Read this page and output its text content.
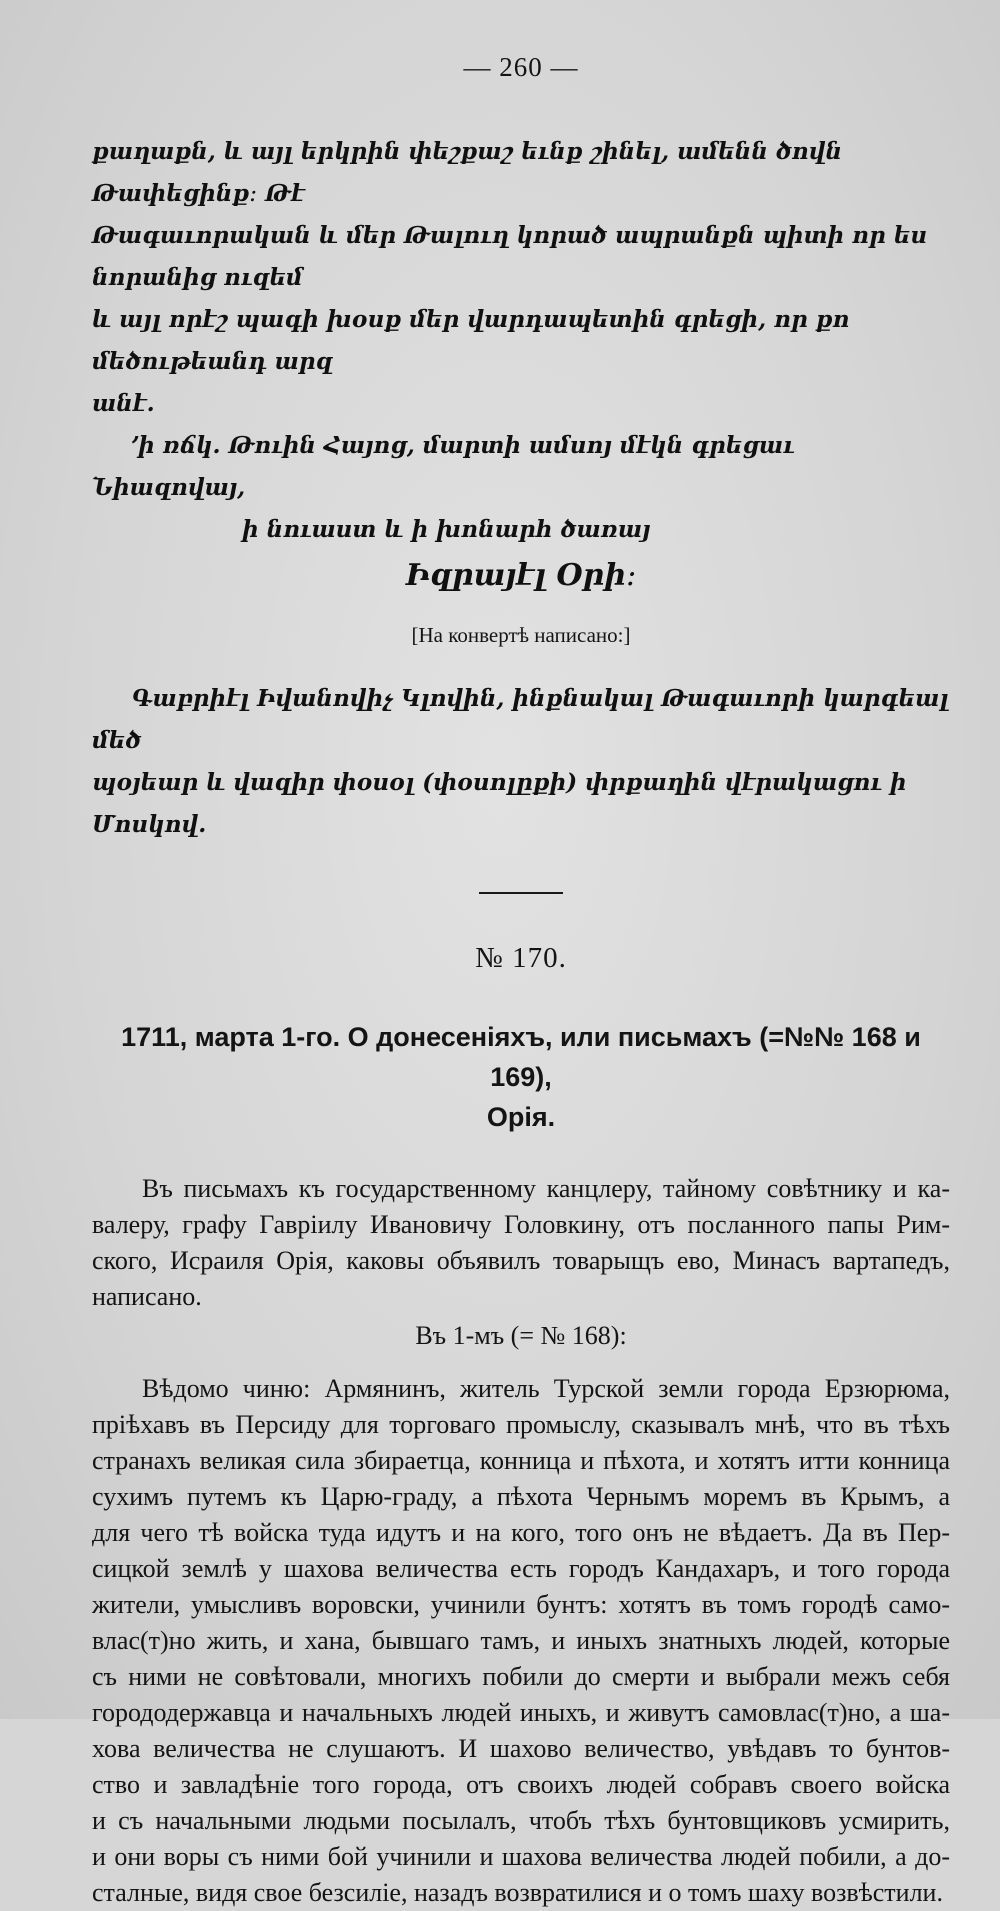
— 260 —

քաղաքն, և այլ երկրին փեշքաշ եւնք շինել, ամենն ծովն Թափեցինք։ Թէ

Թագաւորական և մեր Թալուղ կորած ապրանքն պիտի որ ես նորանից ուզեմ

և այլ որէշ պագի խօսք մեր վարդապետին գրեցի, որ քո մեծութեանդ արզ

անէ.

՚ի ռճկ. Թուին Հայոց, մարտի ամսոյ մէկն գրեցաւ Նիազովայ,

ի նուաստ և ի խոնարհ ծառայ

Իզրայէլ Օրի։

[На конвертѣ написано:]

Գաբրիէլ Իվանովիչ Կլովին, ինքնակալ Թագաւորի կարգեալ մեծ

պօյեար և վազիր փօսօլ (փօսոլըքի) փրքաղին վէրակացու ի Մոսկով.

№ 170.
1711, марта 1-го. О донесеніяхъ, или письмахъ (=№№ 168 и 169),
Орія.

Въ письмахъ къ государственному канцлеру, тайному совѣтнику и ка-

валеру, графу Гавріилу Ивановичу Головкину, отъ посланного папы Рим-

ского, Исраиля Орія, каковы объявилъ товарыщъ ево, Минасъ вартапедъ,

написано.

Въ 1-мъ (= № 168):

Вѣдомо чиню: Армянинъ, житель Турской земли города Ерзюрюма,

пріѣхавъ въ Персиду для торговаго промыслу, сказывалъ мнѣ, что въ тѣхъ

странахъ великая сила збираетца, конница и пѣхота, и хотятъ итти конница

сухимъ путемъ къ Царю-граду, а пѣхота Чернымъ моремъ въ Крымъ, а

для чего тѣ войска туда идутъ и на кого, того онъ не вѣдаетъ. Да въ Пер-

сицкой землѣ у шахова величества есть городъ Кандахаръ, и того города

жители, умысливъ воровски, учинили бунтъ: хотятъ въ томъ городѣ само-

влас(т)но жить, и хана, бывшаго тамъ, и иныхъ знатныхъ людей, которые

съ ними не совѣтовали, многихъ побили до смерти и выбрали межъ себя

горододержавца и начальныхъ людей иныхъ, и живутъ самовлас(т)но, а ша-

хова величества не слушаютъ. И шахово величество, увѣдавъ то бунтов-

ство и завладѣніе того города, отъ своихъ людей собравъ своего войска

и съ начальными людьми посылалъ, чтобъ тѣхъ бунтовщиковъ усмирить,

и они воры съ ними бой учинили и шахова величества людей побили, а до-

сталные, видя свое безсиліе, назадъ возвратилися и о томъ шаху возвѣстили.
